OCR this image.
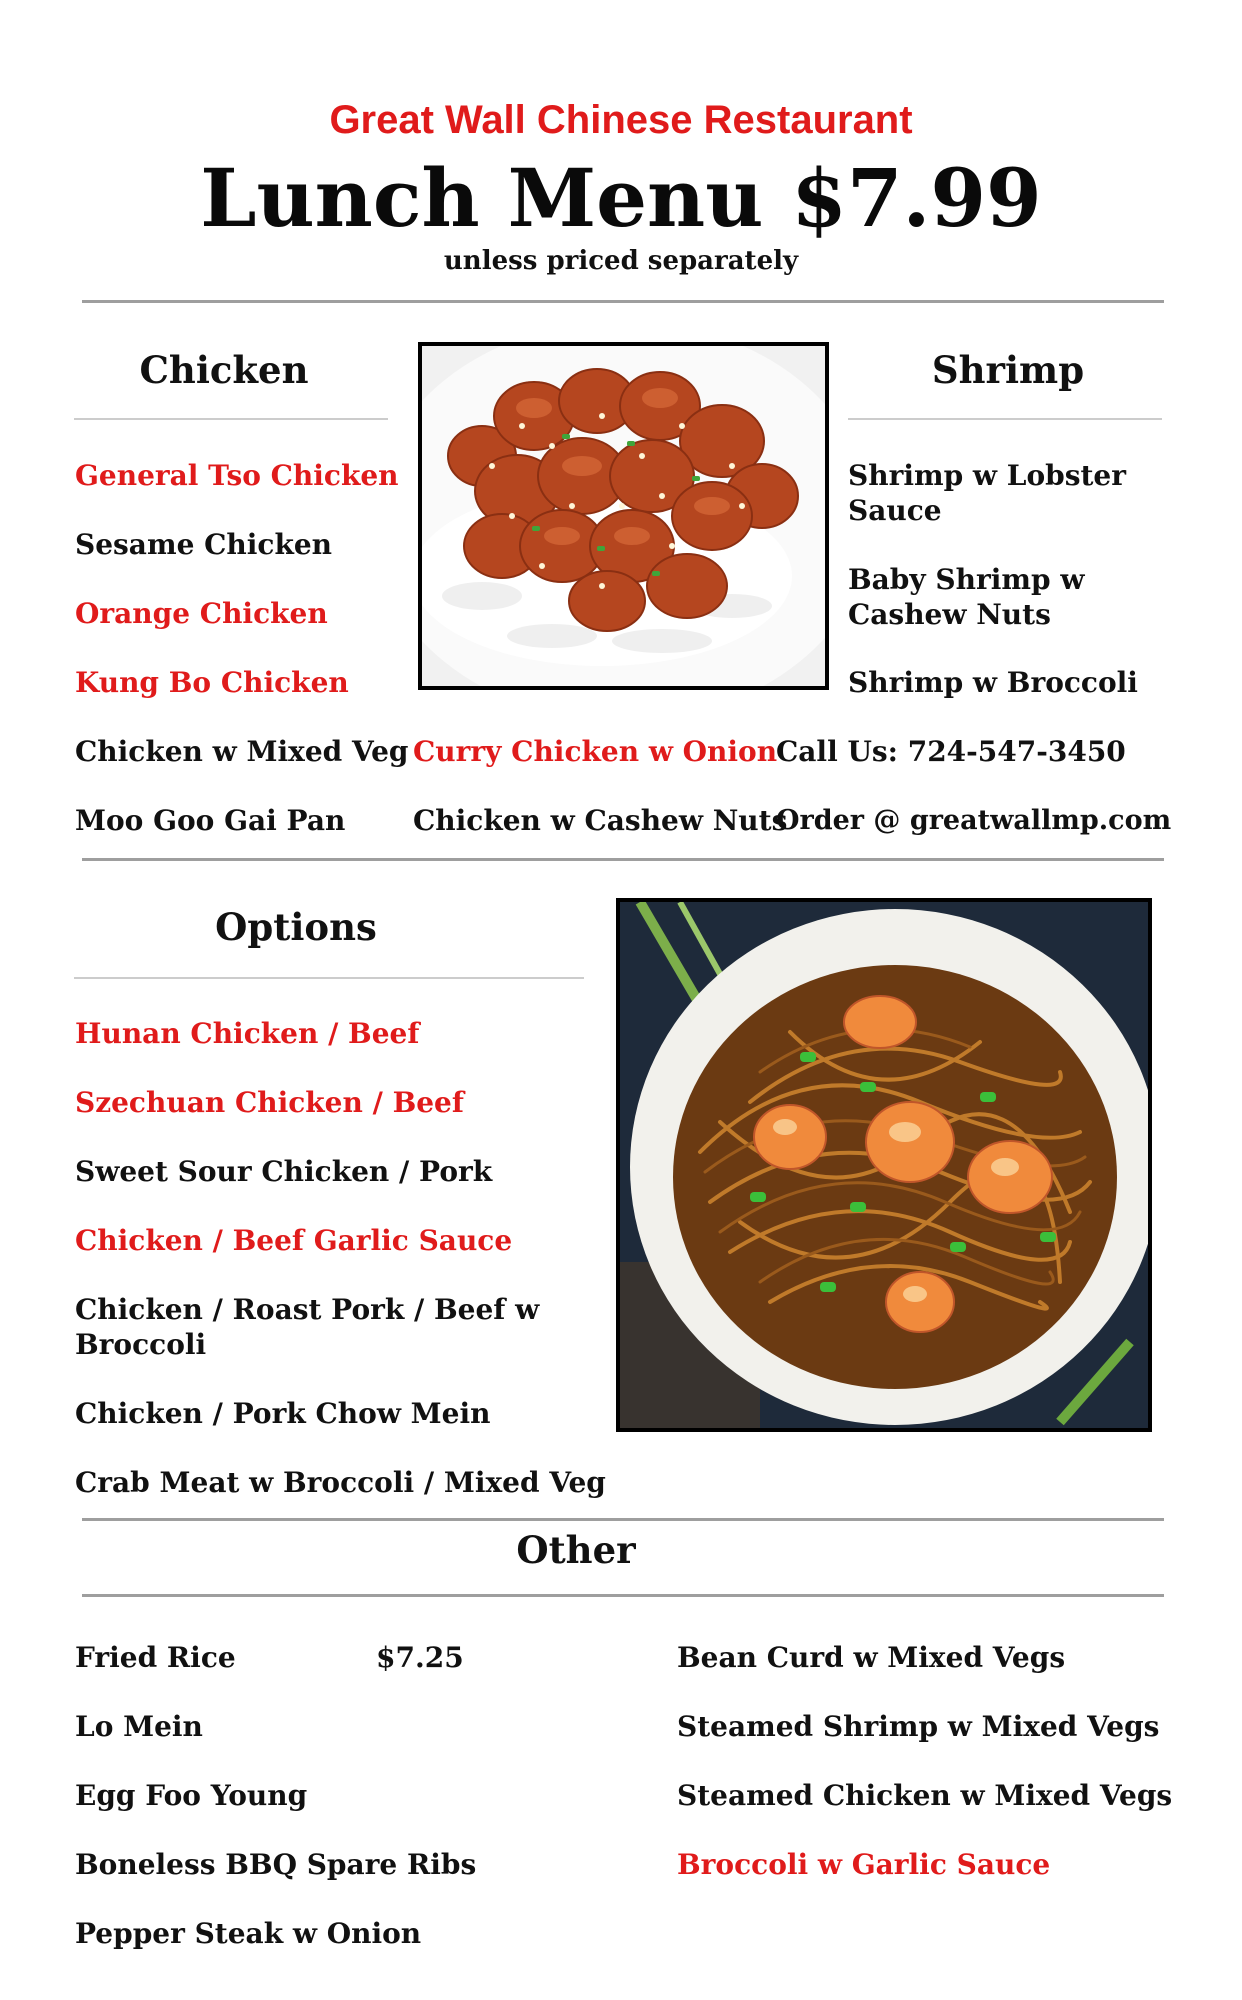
Great Wall Chinese Restaurant
Lunch Menu $7.99
unless priced separately
Chicken
General Tso Chicken
Sesame Chicken
Orange Chicken
Kung Bo Chicken
Chicken w Mixed Veg
Moo Goo Gai Pan
Curry Chicken w Onion
Chicken w Cashew Nuts
Shrimp
Shrimp w Lobster Sauce
Baby Shrimp w Cashew Nuts
Shrimp w Broccoli
Call Us: 724-547-3450
Order @ greatwallmp.com
Options
Hunan Chicken / Beef
Szechuan Chicken / Beef
Sweet Sour Chicken / Pork
Chicken / Beef Garlic Sauce
Chicken / Roast Pork / Beef w Broccoli
Chicken / Pork Chow Mein
Crab Meat w Broccoli / Mixed Veg
Other
Fried Rice	$7.25
Lo Mein
Egg Foo Young
Boneless BBQ Spare Ribs
Pepper Steak w Onion
Bean Curd w Mixed Vegs
Steamed Shrimp w Mixed Vegs
Steamed Chicken w Mixed Vegs
Broccoli w Garlic Sauce
